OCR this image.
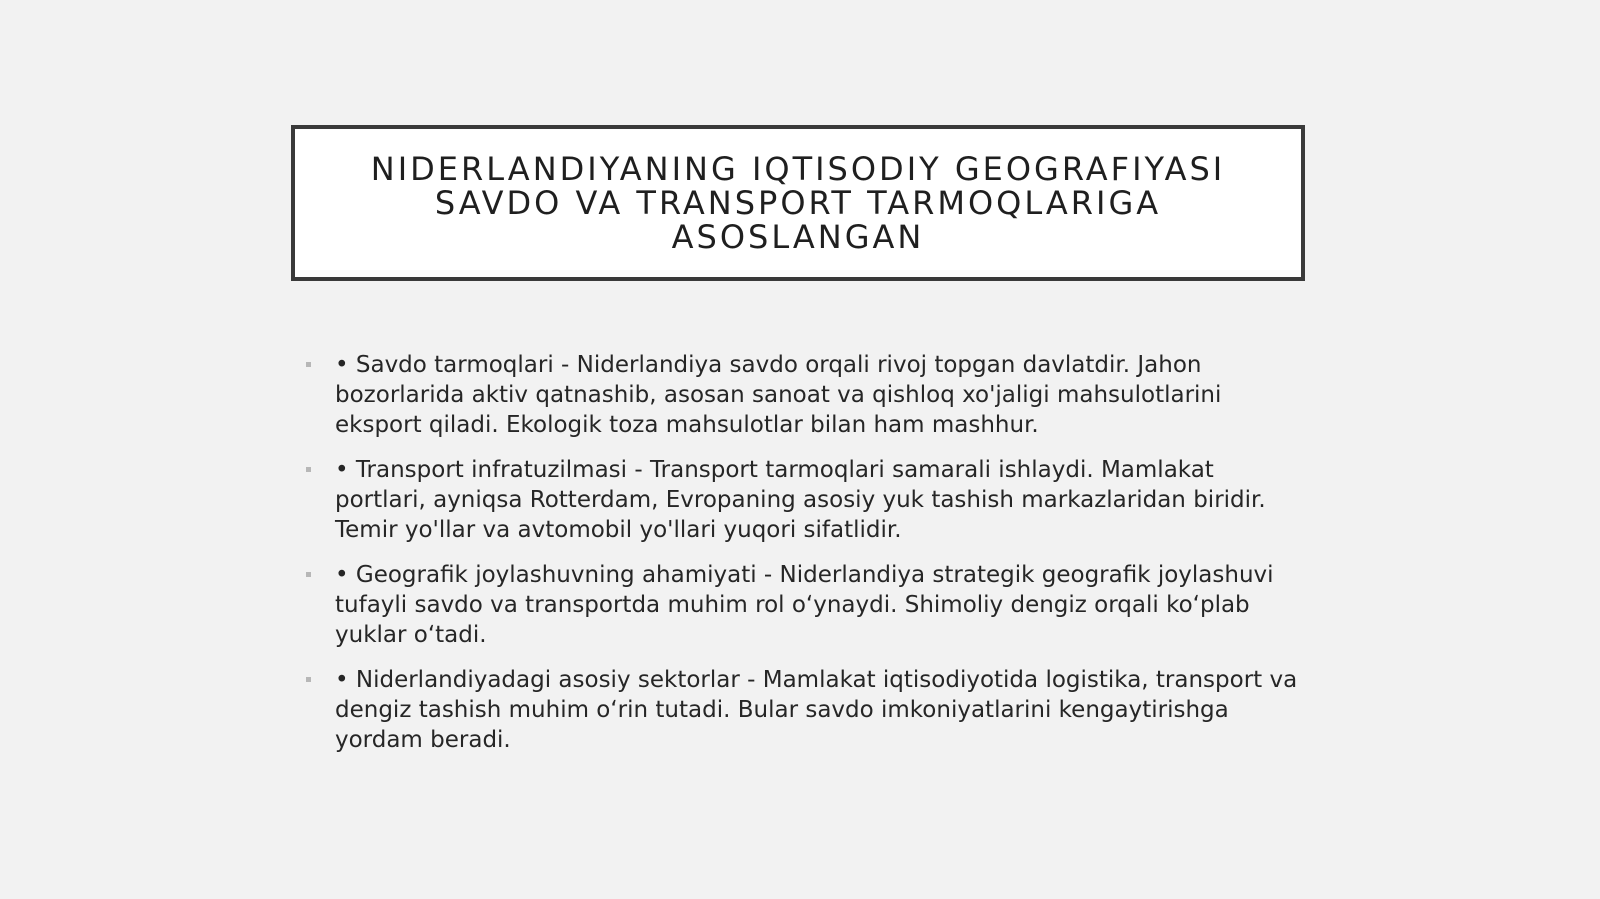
NIDERLANDIYANING IQTISODIY GEOGRAFIYASI SAVDO VA TRANSPORT TARMOQLARIGA ASOSLANGAN
• Savdo tarmoqlari - Niderlandiya savdo orqali rivoj topgan davlatdir. Jahon bozorlarida aktiv qatnashib, asosan sanoat va qishloq xo'jaligi mahsulotlarini eksport qiladi. Ekologik toza mahsulotlar bilan ham mashhur.
• Transport infratuzilmasi - Transport tarmoqlari samarali ishlaydi. Mamlakat portlari, ayniqsa Rotterdam, Evropaning asosiy yuk tashish markazlaridan biridir. Temir yo'llar va avtomobil yo'llari yuqori sifatlidir.
• Geografik joylashuvning ahamiyati - Niderlandiya strategik geografik joylashuvi tufayli savdo va transportda muhim rol oʻynaydi. Shimoliy dengiz orqali koʻplab yuklar oʻtadi.
• Niderlandiyadagi asosiy sektorlar - Mamlakat iqtisodiyotida logistika, transport va dengiz tashish muhim oʻrin tutadi. Bular savdo imkoniyatlarini kengaytirishga yordam beradi.
